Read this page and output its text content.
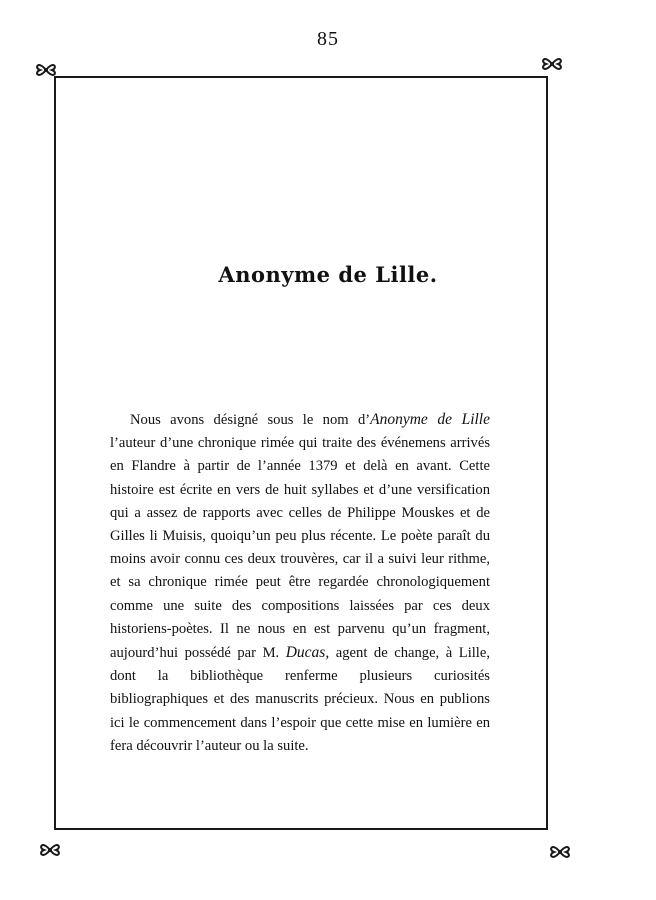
85
Anonyme de Lille.

Nous avons désigné sous le nom d’Anonyme de Lille l’auteur d’une chronique rimée qui traite des événemens arrivés en Flandre à partir de l’année 1379 et delà en avant. Cette histoire est écrite en vers de huit syllabes et d’une versification qui a assez de rapports avec celles de Philippe Mouskes et de Gilles li Muisis, quoiqu’un peu plus récente. Le poète paraît du moins avoir connu ces deux trouvères, car il a suivi leur rithme, et sa chronique rimée peut être regardée chronologiquement comme une suite des compositions laissées par ces deux historiens-poètes. Il ne nous en est parvenu qu’un fragment, aujourd’hui possédé par M. Ducas, agent de change, à Lille, dont la bibliothèque renferme plusieurs curiosités bibliographiques et des manuscrits précieux. Nous en publions ici le commencement dans l’espoir que cette mise en lumière en fera découvrir l’auteur ou la suite.
